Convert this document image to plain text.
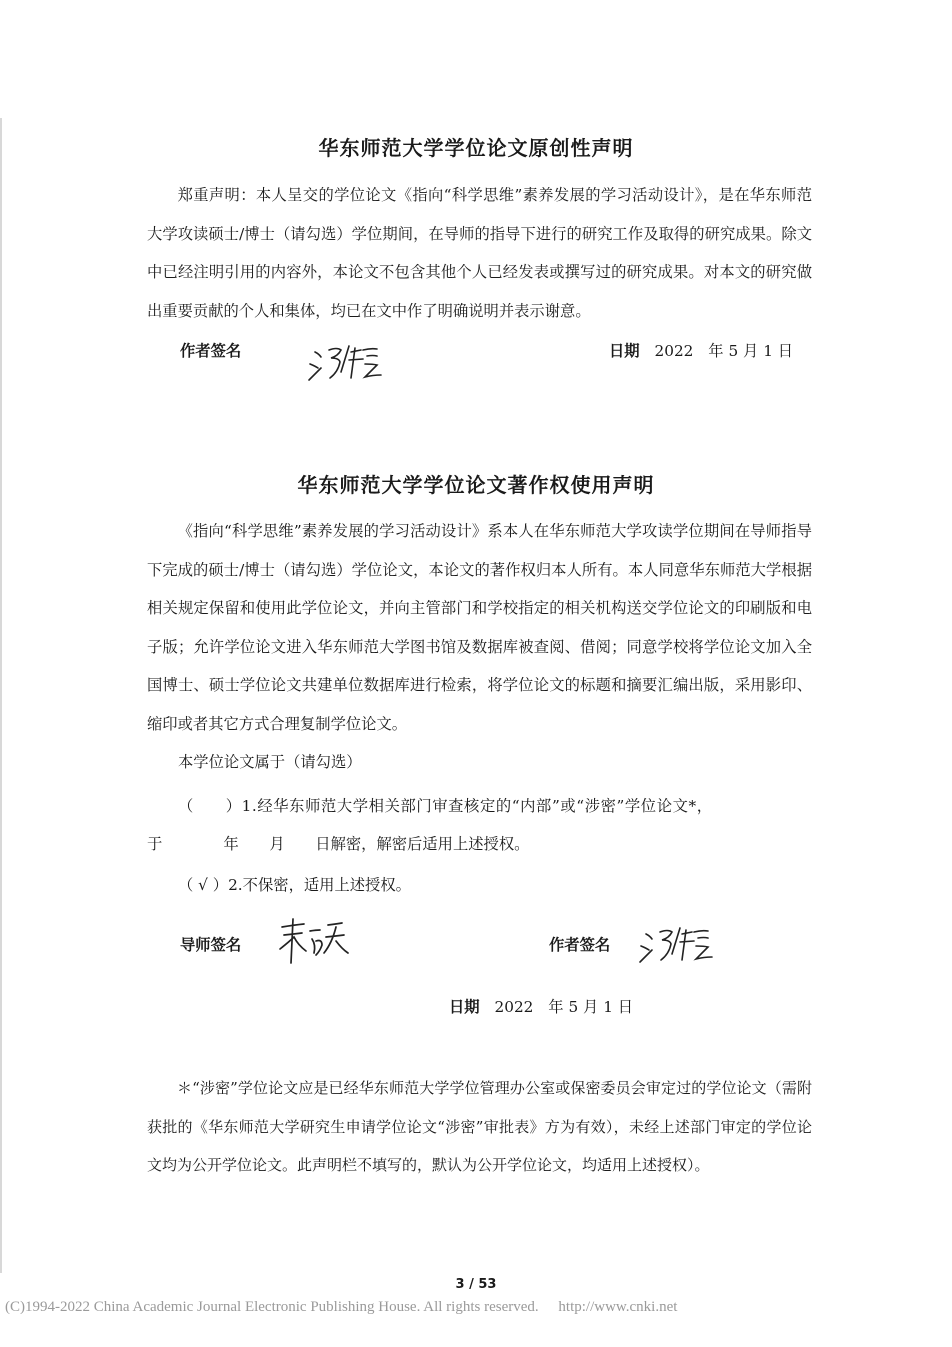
华东师范大学学位论文原创性声明
郑重声明：本人呈交的学位论文《指向“科学思维”素养发展的学习活动设计》，是在华东师范大学攻读硕士/博士（请勾选）学位期间，在导师的指导下进行的研究工作及取得的研究成果。除文中已经注明引用的内容外，本论文不包含其他个人已经发表或撰写过的研究成果。对本文的研究做出重要贡献的个人和集体，均已在文中作了明确说明并表示谢意。
作者签名	日期 2022 年 5 月 1 日
华东师范大学学位论文著作权使用声明
《指向“科学思维”素养发展的学习活动设计》系本人在华东师范大学攻读学位期间在导师指导下完成的硕士/博士（请勾选）学位论文，本论文的著作权归本人所有。本人同意华东师范大学根据相关规定保留和使用此学位论文，并向主管部门和学校指定的相关机构送交学位论文的印刷版和电子版；允许学位论文进入华东师范大学图书馆及数据库被查阅、借阅；同意学校将学位论文加入全国博士、硕士学位论文共建单位数据库进行检索，将学位论文的标题和摘要汇编出版，采用影印、缩印或者其它方式合理复制学位论文。
本学位论文属于（请勾选）
（　　）1.经华东师范大学相关部门审查核定的“内部”或“涉密”学位论文*，
于　　　　年　　月　　日解密，解密后适用上述授权。
（ √ ）2.不保密，适用上述授权。
导师签名	作者签名
日期 2022 年 5 月 1 日
＊“涉密”学位论文应是已经华东师范大学学位管理办公室或保密委员会审定过的学位论文（需附获批的《华东师范大学研究生申请学位论文“涉密”审批表》方为有效），未经上述部门审定的学位论文均为公开学位论文。此声明栏不填写的，默认为公开学位论文，均适用上述授权）。
3 / 53
(C)1994-2022 China Academic Journal Electronic Publishing House. All rights reserved. http://www.cnki.net
